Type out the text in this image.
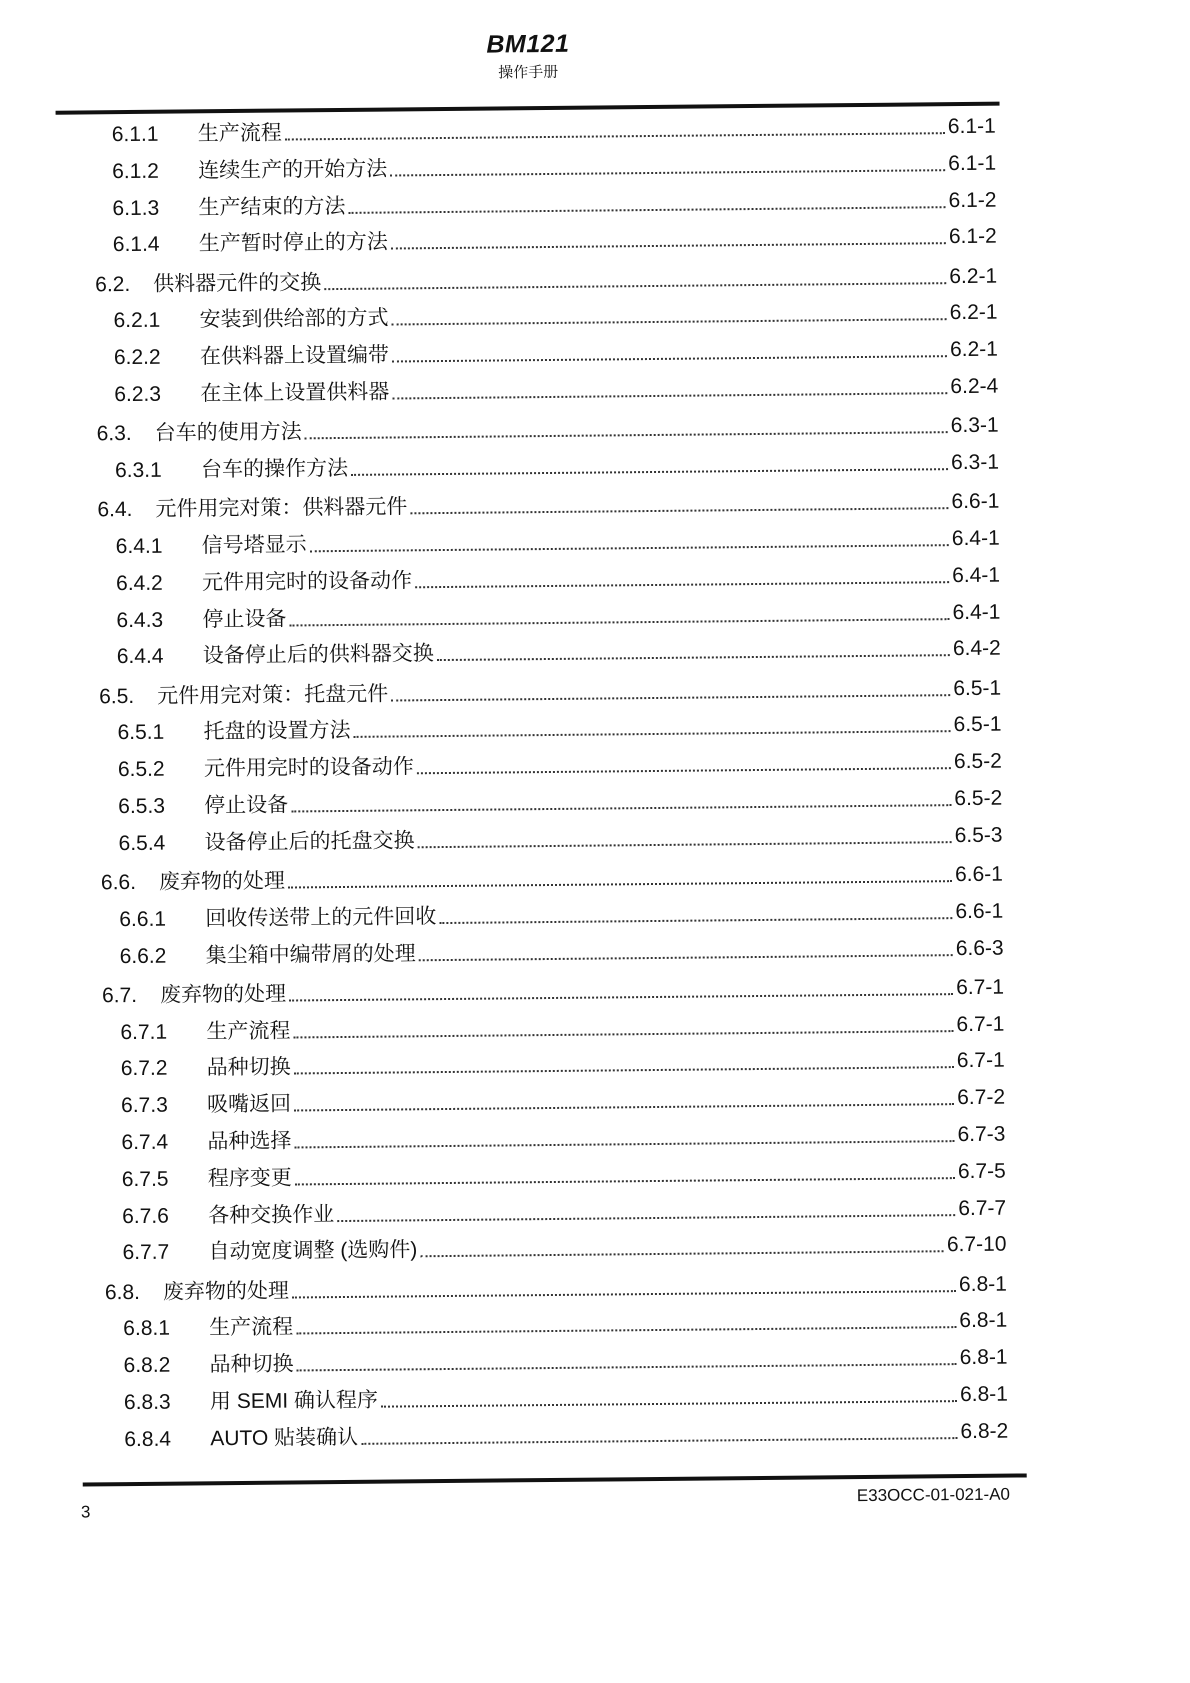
BM121
操作手册
6.1.1	生产流程	6.1-1
6.1.2	连续生产的开始方法	6.1-1
6.1.3	生产结束的方法	6.1-2
6.1.4	生产暂时停止的方法	6.1-2
6.2.	供料器元件的交换	6.2-1
6.2.1	安装到供给部的方式	6.2-1
6.2.2	在供料器上设置编带	6.2-1
6.2.3	在主体上设置供料器	6.2-4
6.3.	台车的使用方法	6.3-1
6.3.1	台车的操作方法	6.3-1
6.4.	元件用完对策：供料器元件	6.6-1
6.4.1	信号塔显示	6.4-1
6.4.2	元件用完时的设备动作	6.4-1
6.4.3	停止设备	6.4-1
6.4.4	设备停止后的供料器交换	6.4-2
6.5.	元件用完对策：托盘元件	6.5-1
6.5.1	托盘的设置方法	6.5-1
6.5.2	元件用完时的设备动作	6.5-2
6.5.3	停止设备	6.5-2
6.5.4	设备停止后的托盘交换	6.5-3
6.6.	废弃物的处理	6.6-1
6.6.1	回收传送带上的元件回收	6.6-1
6.6.2	集尘箱中编带屑的处理	6.6-3
6.7.	废弃物的处理	6.7-1
6.7.1	生产流程	6.7-1
6.7.2	品种切换	6.7-1
6.7.3	吸嘴返回	6.7-2
6.7.4	品种选择	6.7-3
6.7.5	程序变更	6.7-5
6.7.6	各种交换作业	6.7-7
6.7.7	自动宽度调整 (选购件)	6.7-10
6.8.	废弃物的处理	6.8-1
6.8.1	生产流程	6.8-1
6.8.2	品种切换	6.8-1
6.8.3	用 SEMI 确认程序	6.8-1
6.8.4	AUTO 贴装确认	6.8-2
3
E33OCC-01-021-A0
